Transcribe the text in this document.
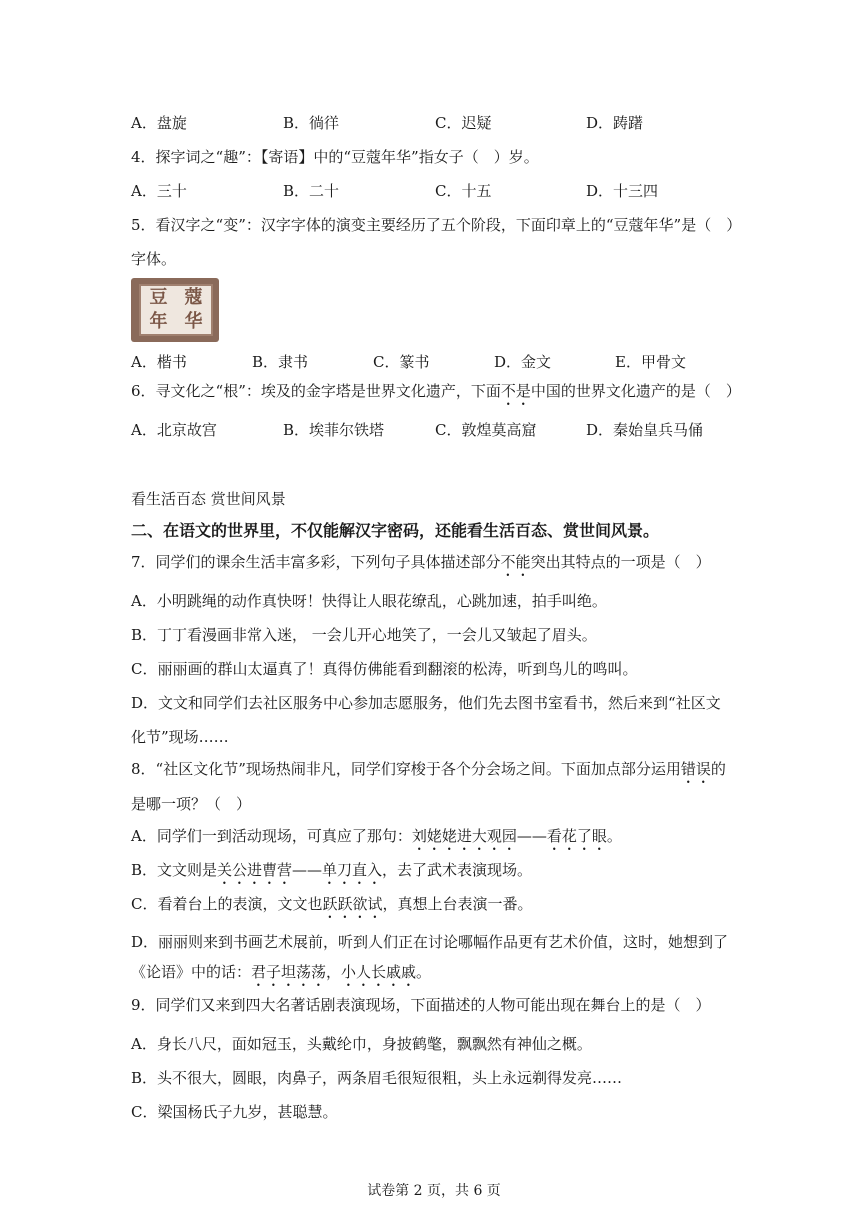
A．盘旋	B．徜徉	C．迟疑	D．踌躇
4．探字词之“趣”：【寄语】中的“豆蔻年华”指女子（　）岁。
A．三十	B．二十	C．十五	D．十三四
5．看汉字之“变”：汉字字体的演变主要经历了五个阶段，下面印章上的“豆蔻年华”是（　）
字体。
豆 蔻
年 华
A．楷书	B．隶书	C．篆书	D．金文	E．甲骨文
6．寻文化之“根”：埃及的金字塔是世界文化遗产，下面不是中国的世界文化遗产的是（　）
A．北京故宫	B．埃菲尔铁塔	C．敦煌莫高窟	D．秦始皇兵马俑
看生活百态 赏世间风景
二、在语文的世界里，不仅能解汉字密码，还能看生活百态、赏世间风景。
7．同学们的课余生活丰富多彩，下列句子具体描述部分不能突出其特点的一项是（　）
A．小明跳绳的动作真快呀！快得让人眼花缭乱，心跳加速，拍手叫绝。
B．丁丁看漫画非常入迷， 一会儿开心地笑了，一会儿又皱起了眉头。
C．丽丽画的群山太逼真了！真得仿佛能看到翻滚的松涛，听到鸟儿的鸣叫。
D．文文和同学们去社区服务中心参加志愿服务，他们先去图书室看书，然后来到“社区文
化节”现场……
8．“社区文化节”现场热闹非凡，同学们穿梭于各个分会场之间。下面加点部分运用错误的
是哪一项？（　）
A．同学们一到活动现场，可真应了那句：刘姥姥进大观园——看花了眼。
B．文文则是关公进曹营——单刀直入，去了武术表演现场。
C．看着台上的表演，文文也跃跃欲试，真想上台表演一番。
D．丽丽则来到书画艺术展前，听到人们正在讨论哪幅作品更有艺术价值，这时，她想到了
《论语》中的话：君子坦荡荡，小人长戚戚。
9．同学们又来到四大名著话剧表演现场，下面描述的人物可能出现在舞台上的是（　）
A．身长八尺，面如冠玉，头戴纶巾，身披鹤氅，飘飘然有神仙之概。
B．头不很大，圆眼，肉鼻子，两条眉毛很短很粗，头上永远剃得发亮……
C．梁国杨氏子九岁，甚聪慧。
试卷第 2 页，共 6 页
